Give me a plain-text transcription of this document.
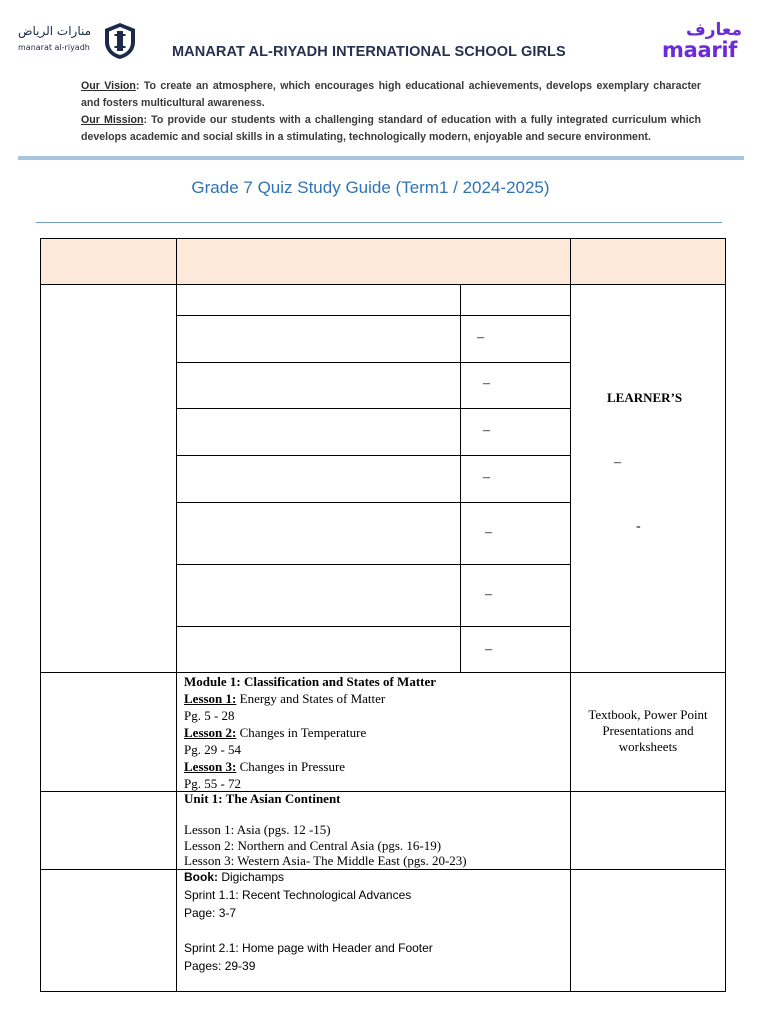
منارات الرياض
manarat al-riyadh	MANARAT AL-RIYADH INTERNATIONAL SCHOOL GIRLS
معارف
maarif
Our Vision: To create an atmosphere, which encourages high educational achievements, develops exemplary character and fosters multicultural awareness.
Our Mission: To provide our students with a challenging standard of education with a fully integrated curriculum which develops academic and social skills in a stimulating, technologically modern, enjoyable and secure environment.
Grade 7 Quiz Study Guide (Term1 / 2024-2025)
–
–
–
–
–
–
–
LEARNER’S
–
-
Module 1: Classification and States of Matter
Lesson 1: Energy and States of Matter
Pg. 5 - 28
Lesson 2: Changes in Temperature
Pg. 29 - 54
Lesson 3: Changes in Pressure
Pg. 55 - 72
Textbook, Power Point
Presentations and
worksheets
Unit 1: The Asian Continent
Lesson 1: Asia (pgs. 12 -15)
Lesson 2: Northern and Central Asia (pgs. 16-19)
Lesson 3: Western Asia- The Middle East (pgs. 20-23)
Book: Digichamps
Sprint 1.1: Recent Technological Advances
Page: 3-7
Sprint 2.1: Home page with Header and Footer
Pages: 29-39
